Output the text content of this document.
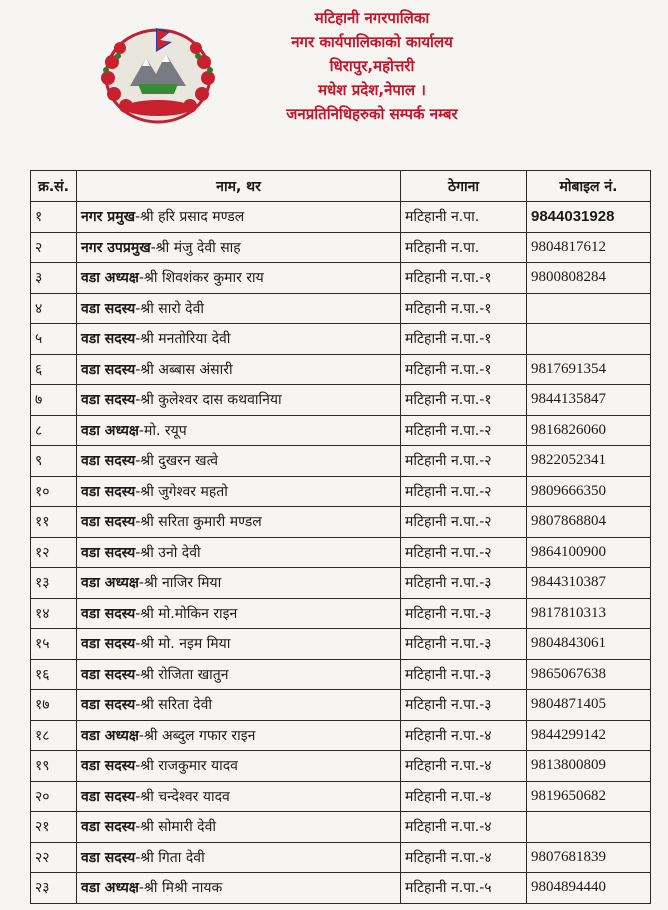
मटिहानी नगरपालिका
नगर कार्यपालिकाको कार्यालय
धिरापुर,महोत्तरी
मधेश प्रदेश,नेपाल ।
जनप्रतिनिधिहरुको सम्पर्क नम्बर
क्र.सं.	नाम, थर	ठेगाना	मोबाइल नं.
१	नगर प्रमुख-श्री हरि प्रसाद मण्डल	मटिहानी न.पा.	9844031928
२	नगर उपप्रमुख-श्री मंजु देवी साह	मटिहानी न.पा.	9804817612
३	वडा अध्यक्ष-श्री शिवशंकर कुमार राय	मटिहानी न.पा.-१	9800808284
४	वडा सदस्य-श्री सारो देवी	मटिहानी न.पा.-१	
५	वडा सदस्य-श्री मनतोरिया देवी	मटिहानी न.पा.-१	
६	वडा सदस्य-श्री अब्बास अंसारी	मटिहानी न.पा.-१	9817691354
७	वडा सदस्य-श्री कुलेश्वर दास कथवानिया	मटिहानी न.पा.-१	9844135847
८	वडा अध्यक्ष-मो. रयूप	मटिहानी न.पा.-२	9816826060
९	वडा सदस्य-श्री दुखरन खत्वे	मटिहानी न.पा.-२	9822052341
१०	वडा सदस्य-श्री जुगेश्वर महतो	मटिहानी न.पा.-२	9809666350
११	वडा सदस्य-श्री सरिता कुमारी मण्डल	मटिहानी न.पा.-२	9807868804
१२	वडा सदस्य-श्री उनो देवी	मटिहानी न.पा.-२	9864100900
१३	वडा अध्यक्ष-श्री नाजिर मिया	मटिहानी न.पा.-३	9844310387
१४	वडा सदस्य-श्री मो.मोकिन राइन	मटिहानी न.पा.-३	9817810313
१५	वडा सदस्य-श्री मो. नइम मिया	मटिहानी न.पा.-३	9804843061
१६	वडा सदस्य-श्री रोजिता खातुन	मटिहानी न.पा.-३	9865067638
१७	वडा सदस्य-श्री सरिता देवी	मटिहानी न.पा.-३	9804871405
१८	वडा अध्यक्ष-श्री अब्दुल गफार राइन	मटिहानी न.पा.-४	9844299142
१९	वडा सदस्य-श्री राजकुमार यादव	मटिहानी न.पा.-४	9813800809
२०	वडा सदस्य-श्री चन्देश्वर यादव	मटिहानी न.पा.-४	9819650682
२१	वडा सदस्य-श्री सोमारी देवी	मटिहानी न.पा.-४	
२२	वडा सदस्य-श्री गिता देवी	मटिहानी न.पा.-४	9807681839
२३	वडा अध्यक्ष-श्री मिश्री नायक	मटिहानी न.पा.-५	9804894440
